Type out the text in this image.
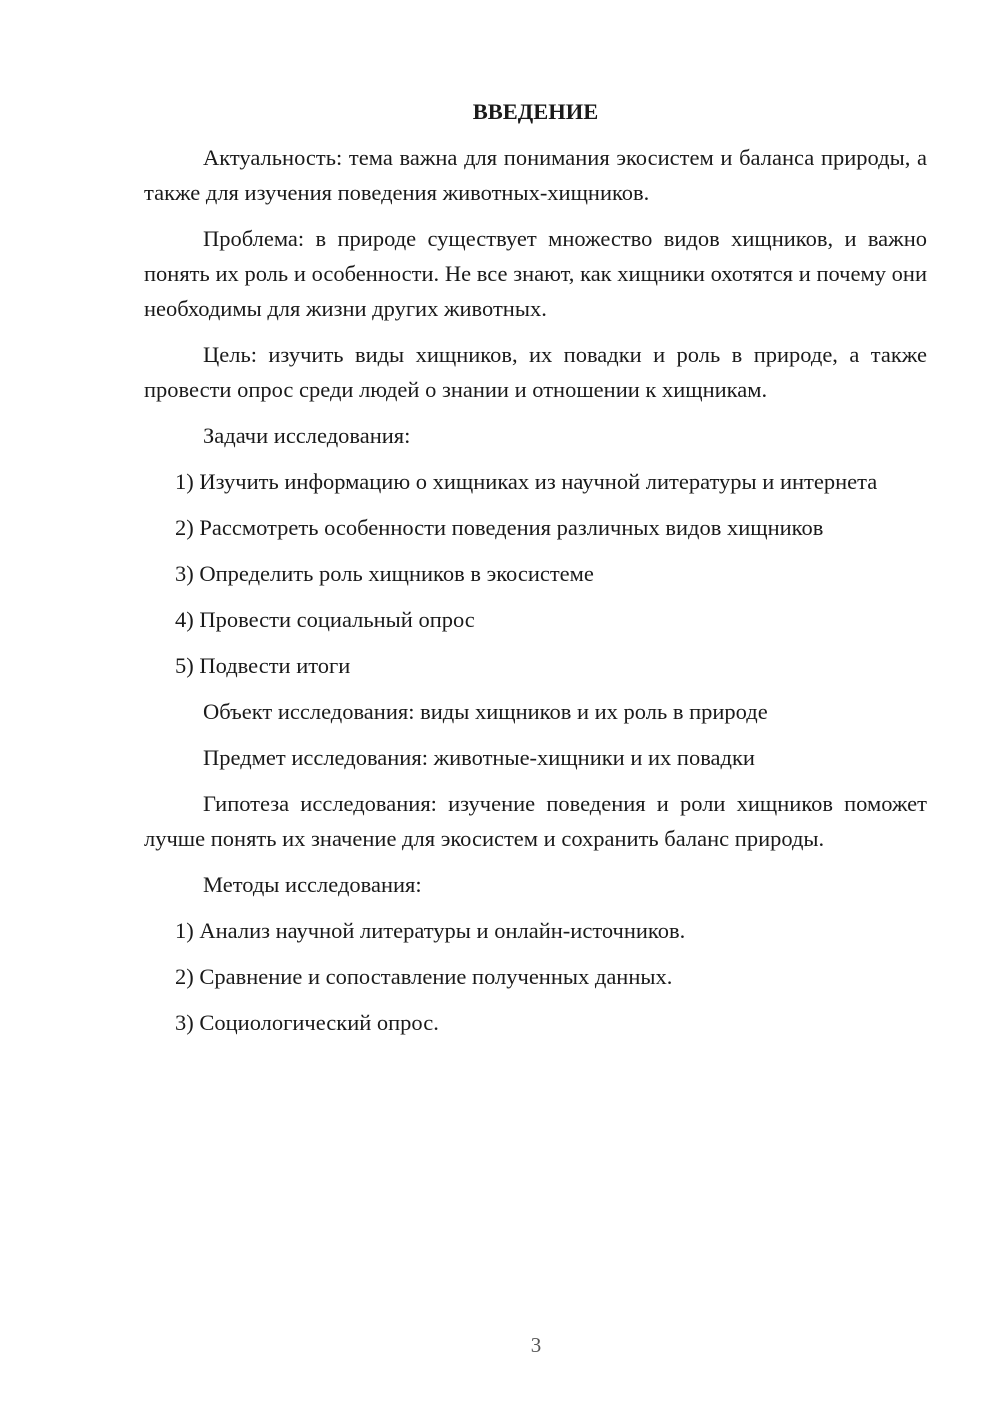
ВВЕДЕНИЕ

Актуальность: тема важна для понимания экосистем и баланса природы, а также для изучения поведения животных-хищников.

Проблема: в природе существует множество видов хищников, и важно понять их роль и особенности. Не все знают, как хищники охотятся и почему они необходимы для жизни других животных.

Цель: изучить виды хищников, их повадки и роль в природе, а также провести опрос среди людей о знании и отношении к хищникам.

Задачи исследования:

1) Изучить информацию о хищниках из научной литературы и интернета

2) Рассмотреть особенности поведения различных видов хищников

3) Определить роль хищников в экосистеме

4) Провести социальный опрос

5) Подвести итоги

Объект исследования: виды хищников и их роль в природе

Предмет исследования: животные-хищники и их повадки

Гипотеза исследования: изучение поведения и роли хищников поможет лучше понять их значение для экосистем и сохранить баланс природы.

Методы исследования:

1) Анализ научной литературы и онлайн-источников.

2) Сравнение и сопоставление полученных данных.

3) Социологический опрос.

3
